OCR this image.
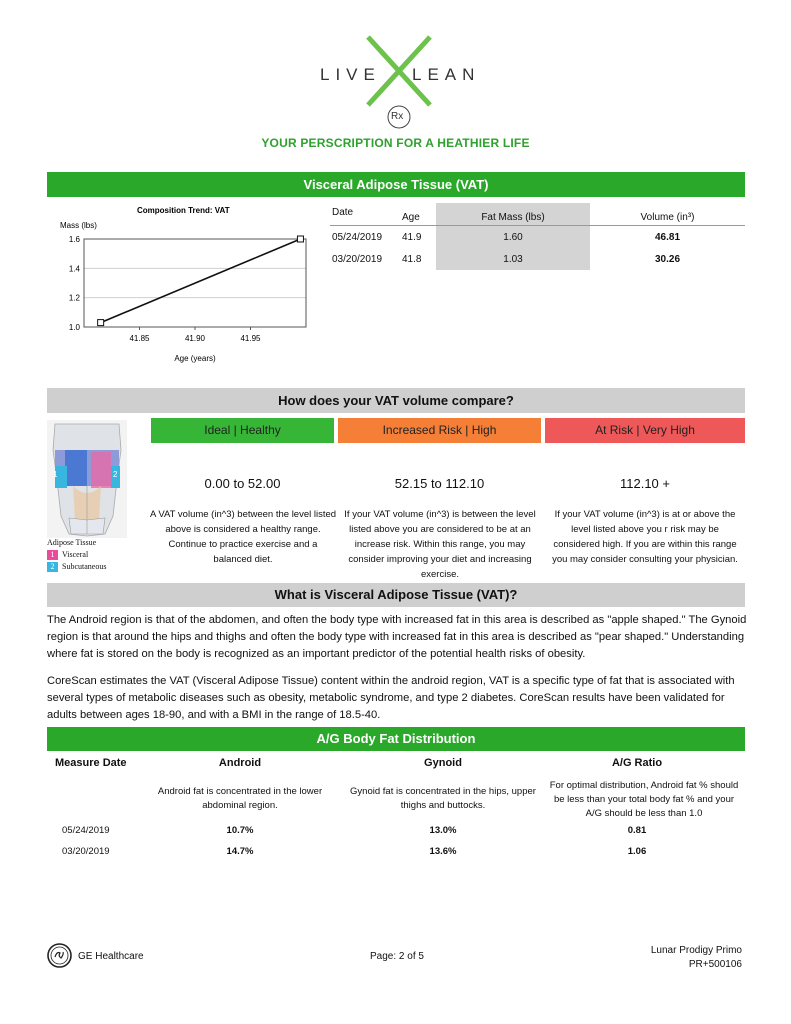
LIVE LEAN
Rx
YOUR PERSCRIPTION FOR A HEATHIER LIFE
Visceral Adipose Tissue (VAT)
Composition Trend: VAT
Mass (lbs)
Age (years)
1.0
1.2
1.4
1.6
41.85	41.90	41.95
Date	Age	Fat Mass (lbs)	Volume (in³)
05/24/2019	41.9	1.60	46.81
03/20/2019	41.8	1.03	30.26
How does your VAT volume compare?
1	2
Adipose Tissue
1 Visceral
2 Subcutaneous
Ideal | Healthy	Increased Risk | High	At Risk | Very High
0.00 to 52.00	52.15 to 112.10	112.10 +
A VAT volume (in^3) between the level listed above is considered a healthy range. Continue to practice exercise and a balanced diet.
If your VAT volume (in^3) is between the level listed above you are considered to be at an increase risk. Within this range, you may consider improving your diet and increasing exercise.
If your VAT volume (in^3) is at or above the level listed above you r risk may be considered high. If you are within this range you may consider consulting your physician.
What is Visceral Adipose Tissue (VAT)?
The Android region is that of the abdomen, and often the body type with increased fat in this area is described as "apple shaped." The Gynoid region is that around the hips and thighs and often the body type with increased fat in this area is described as "pear shaped." Understanding where fat is stored on the body is recognized as an important predictor of the potential health risks of obesity.
CoreScan estimates the VAT (Visceral Adipose Tissue) content within the android region, VAT is a specific type of fat that is associated with several types of metabolic diseases such as obesity, metabolic syndrome, and type 2 diabetes. CoreScan results have been validated for adults between ages 18-90, and with a BMI in the range of 18.5-40.
A/G Body Fat Distribution
Measure Date	Android	Gynoid	A/G Ratio
Android fat is concentrated in the lower abdominal region.
Gynoid fat is concentrated in the hips, upper thighs and buttocks.
For optimal distribution, Android fat % should be less than your total body fat % and your A/G should be less than 1.0
05/24/2019	10.7%	13.0%	0.81
03/20/2019	14.7%	13.6%	1.06
GE Healthcare	Page: 2 of 5
Lunar Prodigy Primo
PR+500106
